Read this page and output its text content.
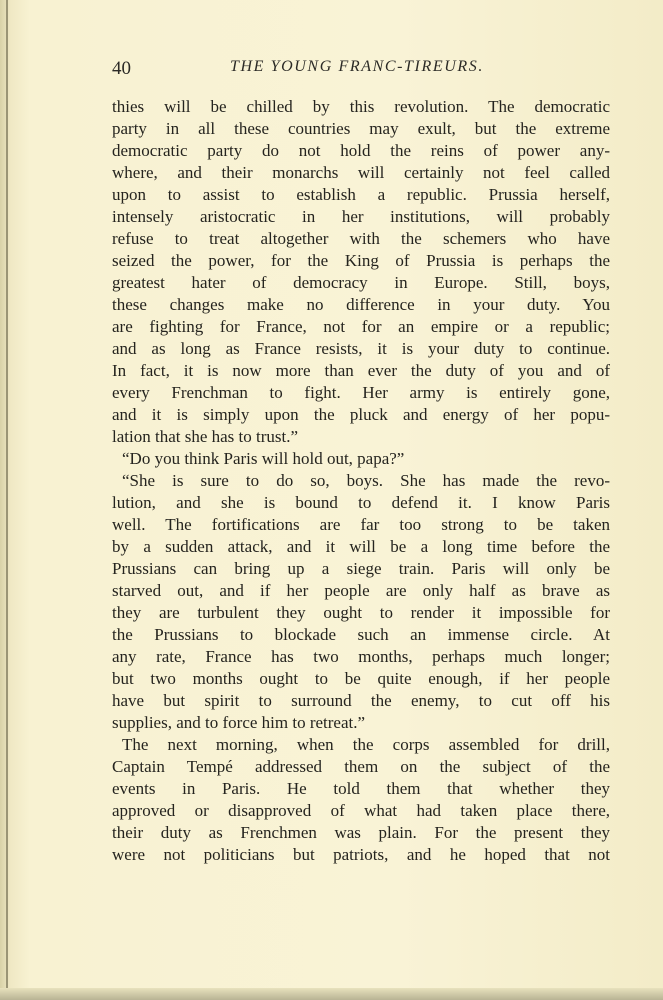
40	THE YOUNG FRANC-TIREURS.
thies will be chilled by this revolution. The democratic
party in all these countries may exult, but the extreme
democratic party do not hold the reins of power any-
where, and their monarchs will certainly not feel called
upon to assist to establish a republic. Prussia herself,
intensely aristocratic in her institutions, will probably
refuse to treat altogether with the schemers who have
seized the power, for the King of Prussia is perhaps the
greatest hater of democracy in Europe. Still, boys,
these changes make no difference in your duty. You
are fighting for France, not for an empire or a republic;
and as long as France resists, it is your duty to continue.
In fact, it is now more than ever the duty of you and of
every Frenchman to fight. Her army is entirely gone,
and it is simply upon the pluck and energy of her popu-
lation that she has to trust.”
“Do you think Paris will hold out, papa?”
“She is sure to do so, boys. She has made the revo-
lution, and she is bound to defend it. I know Paris
well. The fortifications are far too strong to be taken
by a sudden attack, and it will be a long time before the
Prussians can bring up a siege train. Paris will only be
starved out, and if her people are only half as brave as
they are turbulent they ought to render it impossible for
the Prussians to blockade such an immense circle. At
any rate, France has two months, perhaps much longer;
but two months ought to be quite enough, if her people
have but spirit to surround the enemy, to cut off his
supplies, and to force him to retreat.”
The next morning, when the corps assembled for drill,
Captain Tempé addressed them on the subject of the
events in Paris. He told them that whether they
approved or disapproved of what had taken place there,
their duty as Frenchmen was plain. For the present they
were not politicians but patriots, and he hoped that not
